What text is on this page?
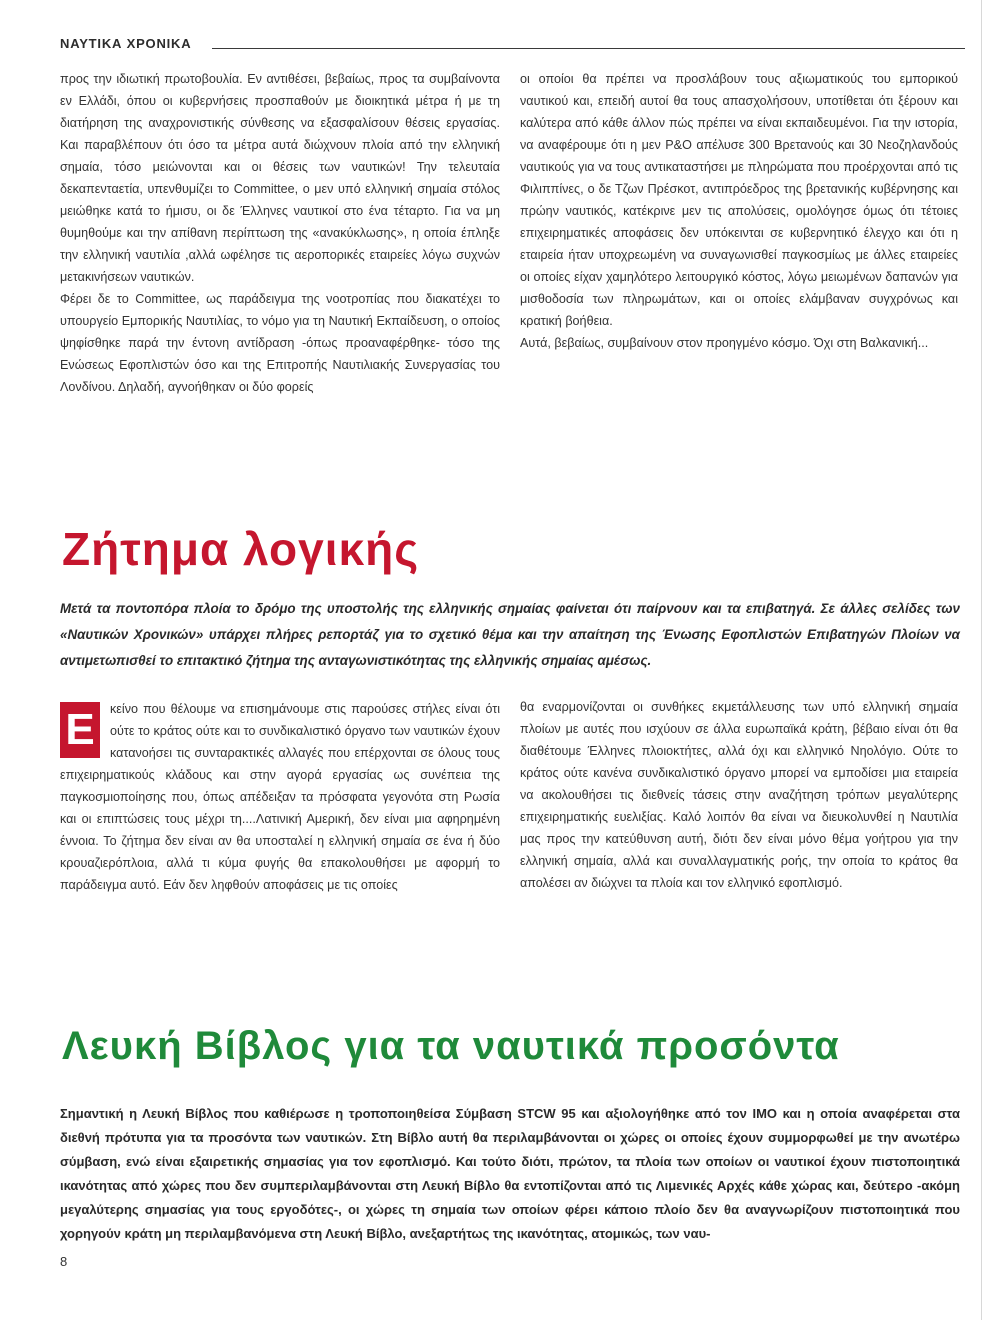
ΝΑΥΤΙΚΑ ΧΡΟΝΙΚΑ

προς την ιδιωτική πρωτοβουλία. Εν αντιθέσει, βεβαίως, προς τα συμβαίνοντα εν Ελλάδι, όπου οι κυβερνήσεις προσπαθούν με διοικητικά μέτρα ή με τη διατήρηση της αναχρονιστικής σύνθεσης να εξασφαλίσουν θέσεις εργασίας. Και παραβλέπουν ότι όσο τα μέτρα αυτά διώχνουν πλοία από την ελληνική σημαία, τόσο μειώνονται και οι θέσεις των ναυτικών! Την τελευταία δεκαπενταετία, υπενθυμίζει το Committee, ο μεν υπό ελληνική σημαία στόλος μειώθηκε κατά το ήμισυ, οι δε Έλληνες ναυτικοί στο ένα τέταρτο. Για να μη θυμηθούμε και την απίθανη περίπτωση της «ανακύκλωσης», η οποία έπληξε την ελληνική ναυτιλία ,αλλά ωφέλησε τις αεροπορικές εταιρείες λόγω συχνών μετακινήσεων ναυτικών.

Φέρει δε το Committee, ως παράδειγμα της νοοτροπίας που διακατέχει το υπουργείο Εμπορικής Ναυτιλίας, το νόμο για τη Ναυτική Εκπαίδευση, ο οποίος ψηφίσθηκε παρά την έντονη αντίδραση -όπως προαναφέρθηκε- τόσο της Ενώσεως Εφοπλιστών όσο και της Επιτροπής Ναυτιλιακής Συνεργασίας του Λονδίνου. Δηλαδή, αγνοήθηκαν οι δύο φορείς

οι οποίοι θα πρέπει να προσλάβουν τους αξιωματικούς του εμπορικού ναυτικού και, επειδή αυτοί θα τους απασχολήσουν, υποτίθεται ότι ξέρουν και καλύτερα από κάθε άλλον πώς πρέπει να είναι εκπαιδευμένοι. Για την ιστορία, να αναφέρουμε ότι η μεν P&O απέλυσε 300 Βρετανούς και 30 Νεοζηλανδούς ναυτικούς για να τους αντικαταστήσει με πληρώματα που προέρχονται από τις Φιλιππίνες, ο δε Τζων Πρέσκοτ, αντιπρόεδρος της βρετανικής κυβέρνησης και πρώην ναυτικός, κατέκρινε μεν τις απολύσεις, ομολόγησε όμως ότι τέτοιες επιχειρηματικές αποφάσεις δεν υπόκεινται σε κυβερνητικό έλεγχο και ότι η εταιρεία ήταν υποχρεωμένη να συναγωνισθεί παγκοσμίως με άλλες εταιρείες οι οποίες είχαν χαμηλότερο λειτουργικό κόστος, λόγω μειωμένων δαπανών για μισθοδοσία των πληρωμάτων, και οι οποίες ελάμβαναν συγχρόνως και κρατική βοήθεια.

Αυτά, βεβαίως, συμβαίνουν στον προηγμένο κόσμο. Όχι στη Βαλκανική...

Ζήτημα λογικής

Μετά τα ποντοπόρα πλοία το δρόμο της υποστολής της ελληνικής σημαίας φαίνεται ότι παίρνουν και τα επιβατηγά. Σε άλλες σελίδες των «Ναυτικών Χρονικών» υπάρχει πλήρες ρεπορτάζ για το σχετικό θέμα και την απαίτηση της Ένωσης Εφοπλιστών Επιβατηγών Πλοίων να αντιμετωπισθεί το επιτακτικό ζήτημα της ανταγωνιστικότητας της ελληνικής σημαίας αμέσως.

Ε	κείνο που θέλουμε να επισημάνουμε στις παρούσες στήλες είναι ότι ούτε το κράτος ούτε και το συνδικαλιστικό όργανο των ναυτικών έχουν κατανοήσει τις συνταρακτικές αλλαγές που επέρχονται σε όλους τους επιχειρηματικούς κλάδους και στην αγορά εργασίας ως συνέπεια της παγκοσμιοποίησης που, όπως απέδειξαν τα πρόσφατα γεγονότα στη Ρωσία και οι επιπτώσεις τους μέχρι τη....Λατινική Αμερική, δεν είναι μια αφηρημένη έννοια. Το ζήτημα δεν είναι αν θα υποσταλεί η ελληνική σημαία σε ένα ή δύο κρουαζιερόπλοια, αλλά τι κύμα φυγής θα επακολουθήσει με αφορμή το παράδειγμα αυτό. Εάν δεν ληφθούν αποφάσεις με τις οποίες

θα εναρμονίζονται οι συνθήκες εκμετάλλευσης των υπό ελληνική σημαία πλοίων με αυτές που ισχύουν σε άλλα ευρωπαϊκά κράτη, βέβαιο είναι ότι θα διαθέτουμε Έλληνες πλοιοκτήτες, αλλά όχι και ελληνικό Νηολόγιο. Ούτε το κράτος ούτε κανένα συνδικαλιστικό όργανο μπορεί να εμποδίσει μια εταιρεία να ακολουθήσει τις διεθνείς τάσεις στην αναζήτηση τρόπων μεγαλύτερης επιχειρηματικής ευελιξίας. Καλό λοιπόν θα είναι να διευκολυνθεί η Ναυτιλία μας προς την κατεύθυνση αυτή, διότι δεν είναι μόνο θέμα γοήτρου για την ελληνική σημαία, αλλά και συναλλαγματικής ροής, την οποία το κράτος θα απολέσει αν διώχνει τα πλοία και τον ελληνικό εφοπλισμό.

Λευκή Βίβλος για τα ναυτικά προσόντα

Σημαντική η Λευκή Βίβλος που καθιέρωσε η τροποποιηθείσα Σύμβαση STCW 95 και αξιολογήθηκε από τον IMO και η οποία αναφέρεται στα διεθνή πρότυπα για τα προσόντα των ναυτικών. Στη Βίβλο αυτή θα περιλαμβάνονται οι χώρες οι οποίες έχουν συμμορφωθεί με την ανωτέρω σύμβαση, ενώ είναι εξαιρετικής σημασίας για τον εφοπλισμό. Και τούτο διότι, πρώτον, τα πλοία των οποίων οι ναυτικοί έχουν πιστοποιητικά ικανότητας από χώρες που δεν συμπεριλαμβάνονται στη Λευκή Βίβλο θα εντοπίζονται από τις Λιμενικές Αρχές κάθε χώρας και, δεύτερο -ακόμη μεγαλύτερης σημασίας για τους εργοδότες-, οι χώρες τη σημαία των οποίων φέρει κάποιο πλοίο δεν θα αναγνωρίζουν πιστοποιητικά που χορηγούν κράτη μη περιλαμβανόμενα στη Λευκή Βίβλο, ανεξαρτήτως της ικανότητας, ατομικώς, των ναυ-

8
